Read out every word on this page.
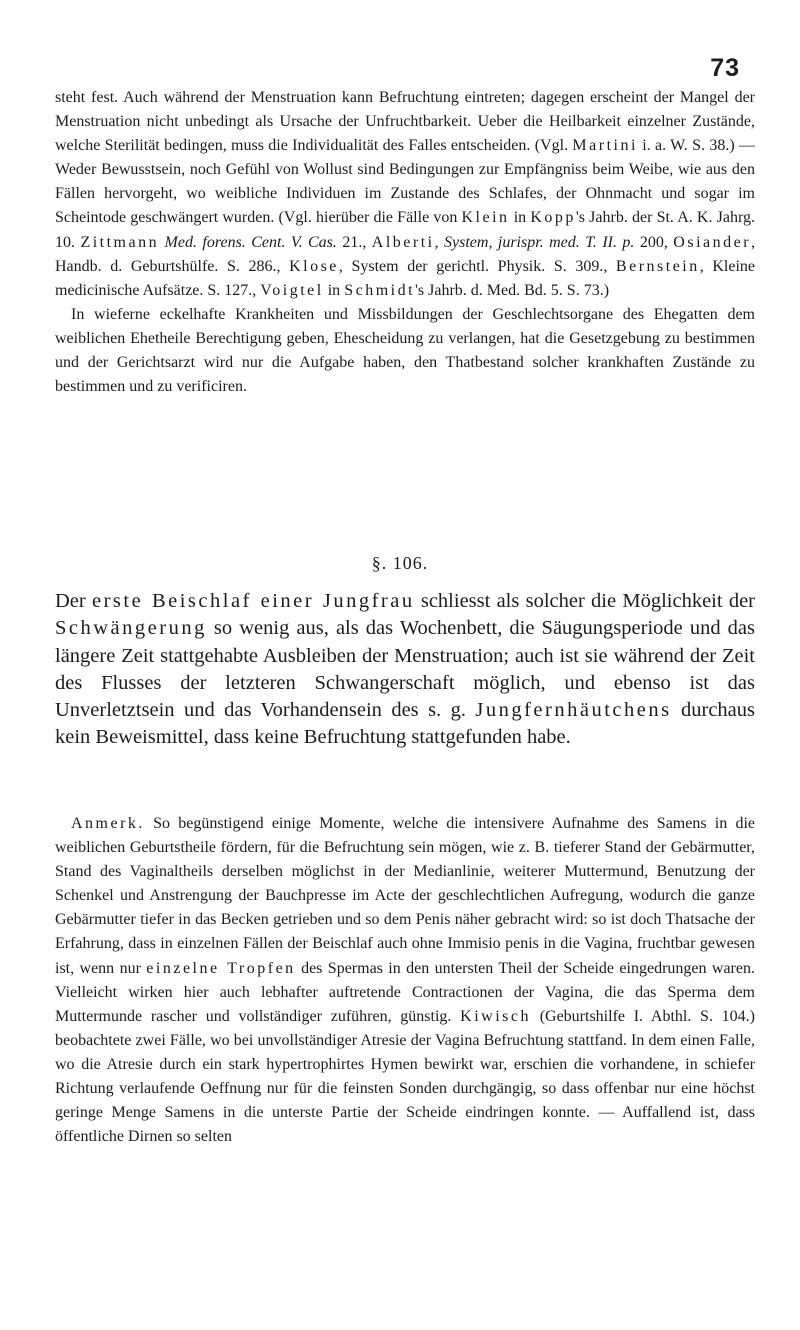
73

steht fest. Auch während der Menstruation kann Befruchtung eintreten; dagegen erscheint der Mangel der Menstruation nicht unbedingt als Ursache der Unfruchtbarkeit. Ueber die Heilbarkeit einzelner Zustände, welche Sterilität bedingen, muss die Individualität des Falles entscheiden. (Vgl. Martini i. a. W. S. 38.) — Weder Bewusstsein, noch Gefühl von Wollust sind Bedingungen zur Empfängniss beim Weibe, wie aus den Fällen hervorgeht, wo weibliche Individuen im Zustande des Schlafes, der Ohnmacht und sogar im Scheintode geschwängert wurden. (Vgl. hierüber die Fälle von Klein in Kopp's Jahrb. der St. A. K. Jahrg. 10. Zittmann Med. forens. Cent. V. Cas. 21., Alberti, System, jurispr. med. T. II. p. 200, Osiander, Handb. d. Geburtshülfe. S. 286., Klose, System der gerichtl. Physik. S. 309., Bernstein, Kleine medicinische Aufsätze. S. 127., Voigtel in Schmidt's Jahrb. d. Med. Bd. 5. S. 73.)

In wieferne eckelhafte Krankheiten und Missbildungen der Geschlechtsorgane des Ehegatten dem weiblichen Ehetheile Berechtigung geben, Ehescheidung zu verlangen, hat die Gesetzgebung zu bestimmen und der Gerichtsarzt wird nur die Aufgabe haben, den Thatbestand solcher krankhaften Zustände zu bestimmen und zu verificiren.

§. 106.

Der erste Beischlaf einer Jungfrau schliesst als solcher die Möglichkeit der Schwängerung so wenig aus, als das Wochenbett, die Säugungsperiode und das längere Zeit stattgehabte Ausbleiben der Menstruation; auch ist sie während der Zeit des Flusses der letzteren Schwangerschaft möglich, und ebenso ist das Unverletztsein und das Vorhandensein des s. g. Jungfernhäutchens durchaus kein Beweismittel, dass keine Befruchtung stattgefunden habe.

Anmerk. So begünstigend einige Momente, welche die intensivere Aufnahme des Samens in die weiblichen Geburtstheile fördern, für die Befruchtung sein mögen, wie z. B. tieferer Stand der Gebärmutter, Stand des Vaginaltheils derselben möglichst in der Medianlinie, weiterer Muttermund, Benutzung der Schenkel und Anstrengung der Bauchpresse im Acte der geschlechtlichen Aufregung, wodurch die ganze Gebärmutter tiefer in das Becken getrieben und so dem Penis näher gebracht wird: so ist doch Thatsache der Erfahrung, dass in einzelnen Fällen der Beischlaf auch ohne Immisio penis in die Vagina, fruchtbar gewesen ist, wenn nur einzelne Tropfen des Spermas in den untersten Theil der Scheide eingedrungen waren. Vielleicht wirken hier auch lebhafter auftretende Contractionen der Vagina, die das Sperma dem Muttermunde rascher und vollständiger zuführen, günstig. Kiwisch (Geburtshilfe I. Abthl. S. 104.) beobachtete zwei Fälle, wo bei unvollständiger Atresie der Vagina Befruchtung stattfand. In dem einen Falle, wo die Atresie durch ein stark hypertrophirtes Hymen bewirkt war, erschien die vorhandene, in schiefer Richtung verlaufende Oeffnung nur für die feinsten Sonden durchgängig, so dass offenbar nur eine höchst geringe Menge Samens in die unterste Partie der Scheide eindringen konnte. — Auffallend ist, dass öffentliche Dirnen so selten
